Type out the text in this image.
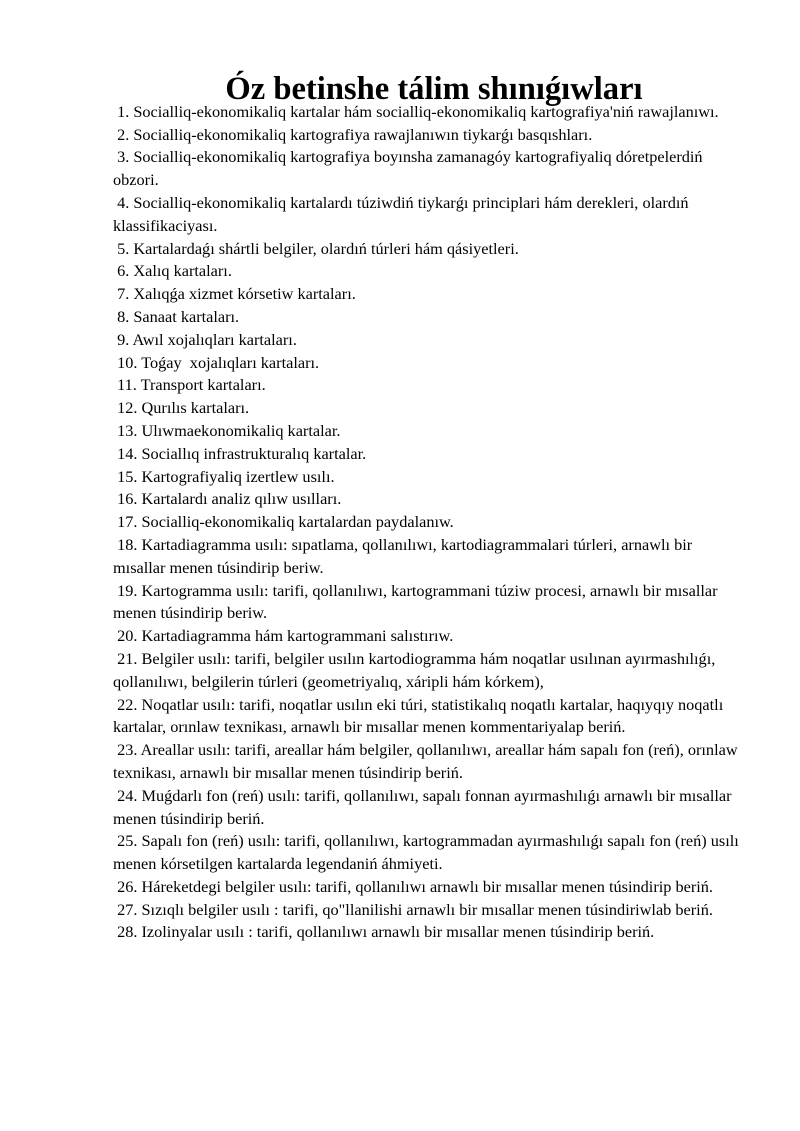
Óz betinshe tálim shınıǵıwları
1. Socialliq-ekonomikaliq kartalar hám socialliq-ekonomikaliq kartografiya'niń rawajlanıwı.
2. Socialliq-ekonomikaliq kartografiya rawajlanıwın tiykarǵı basqıshları.
3. Socialliq-ekonomikaliq kartografiya boyınsha zamanagóy kartografiyaliq dóretpelerdiń obzori.
4. Socialliq-ekonomikaliq kartalardı túziwdiń tiykarǵı principlari hám derekleri, olardıń klassifikaciyası.
5. Kartalardaǵı shártli belgiler, olardıń túrleri hám qásiyetleri.
6. Xalıq kartaları.
7. Xalıqǵa xizmet kórsetiw kartaları.
8. Sanaat kartaları.
9. Awıl xojalıqları kartaları.
10. Toǵay  xojalıqları kartaları.
11. Transport kartaları.
12. Qurılıs kartaları.
13. Ulıwmaekonomikaliq kartalar.
14. Sociallıq infrastrukturalıq kartalar.
15. Kartografiyaliq izertlew usılı.
16. Kartalardı analiz qılıw usılları.
17. Socialliq-ekonomikaliq kartalardan paydalanıw.
18. Kartadiagramma usılı: sıpatlama, qollanılıwı, kartodiagrammalari túrleri, arnawlı bir mısallar menen túsindirip beriw.
19. Kartogramma usılı: tarifi, qollanılıwı, kartogrammani túziw procesi, arnawlı bir mısallar menen túsindirip beriw.
20. Kartadiagramma hám kartogrammani salıstırıw.
21. Belgiler usılı: tarifi, belgiler usılın kartodiogramma hám noqatlar usılınan ayırmashılıǵı, qollanılıwı, belgilerin túrleri (geometriyalıq, xáripli hám kórkem),
22. Noqatlar usılı: tarifi, noqatlar usılın eki túri, statistikalıq noqatlı kartalar, haqıyqıy noqatlı kartalar, orınlaw texnikası, arnawlı bir mısallar menen kommentariyalap beriń.
23. Areallar usılı: tarifi, areallar hám belgiler, qollanılıwı, areallar hám sapalı fon (reń), orınlaw texnikası, arnawlı bir mısallar menen túsindirip beriń.
24. Muǵdarlı fon (reń) usılı: tarifi, qollanılıwı, sapalı fonnan ayırmashılıǵı arnawlı bir mısallar menen túsindirip beriń.
25. Sapalı fon (reń) usılı: tarifi, qollanılıwı, kartogrammadan ayırmashılıǵı sapalı fon (reń) usılı menen kórsetilgen kartalarda legendaniń áhmiyeti.
26. Háreketdegi belgiler usılı: tarifi, qollanılıwı arnawlı bir mısallar menen túsindirip beriń.
27. Sızıqlı belgiler usılı : tarifi, qo"llanilishi arnawlı bir mısallar menen túsindiriwlab beriń.
28. Izolinyalar usılı : tarifi, qollanılıwı arnawlı bir mısallar menen túsindirip beriń.
